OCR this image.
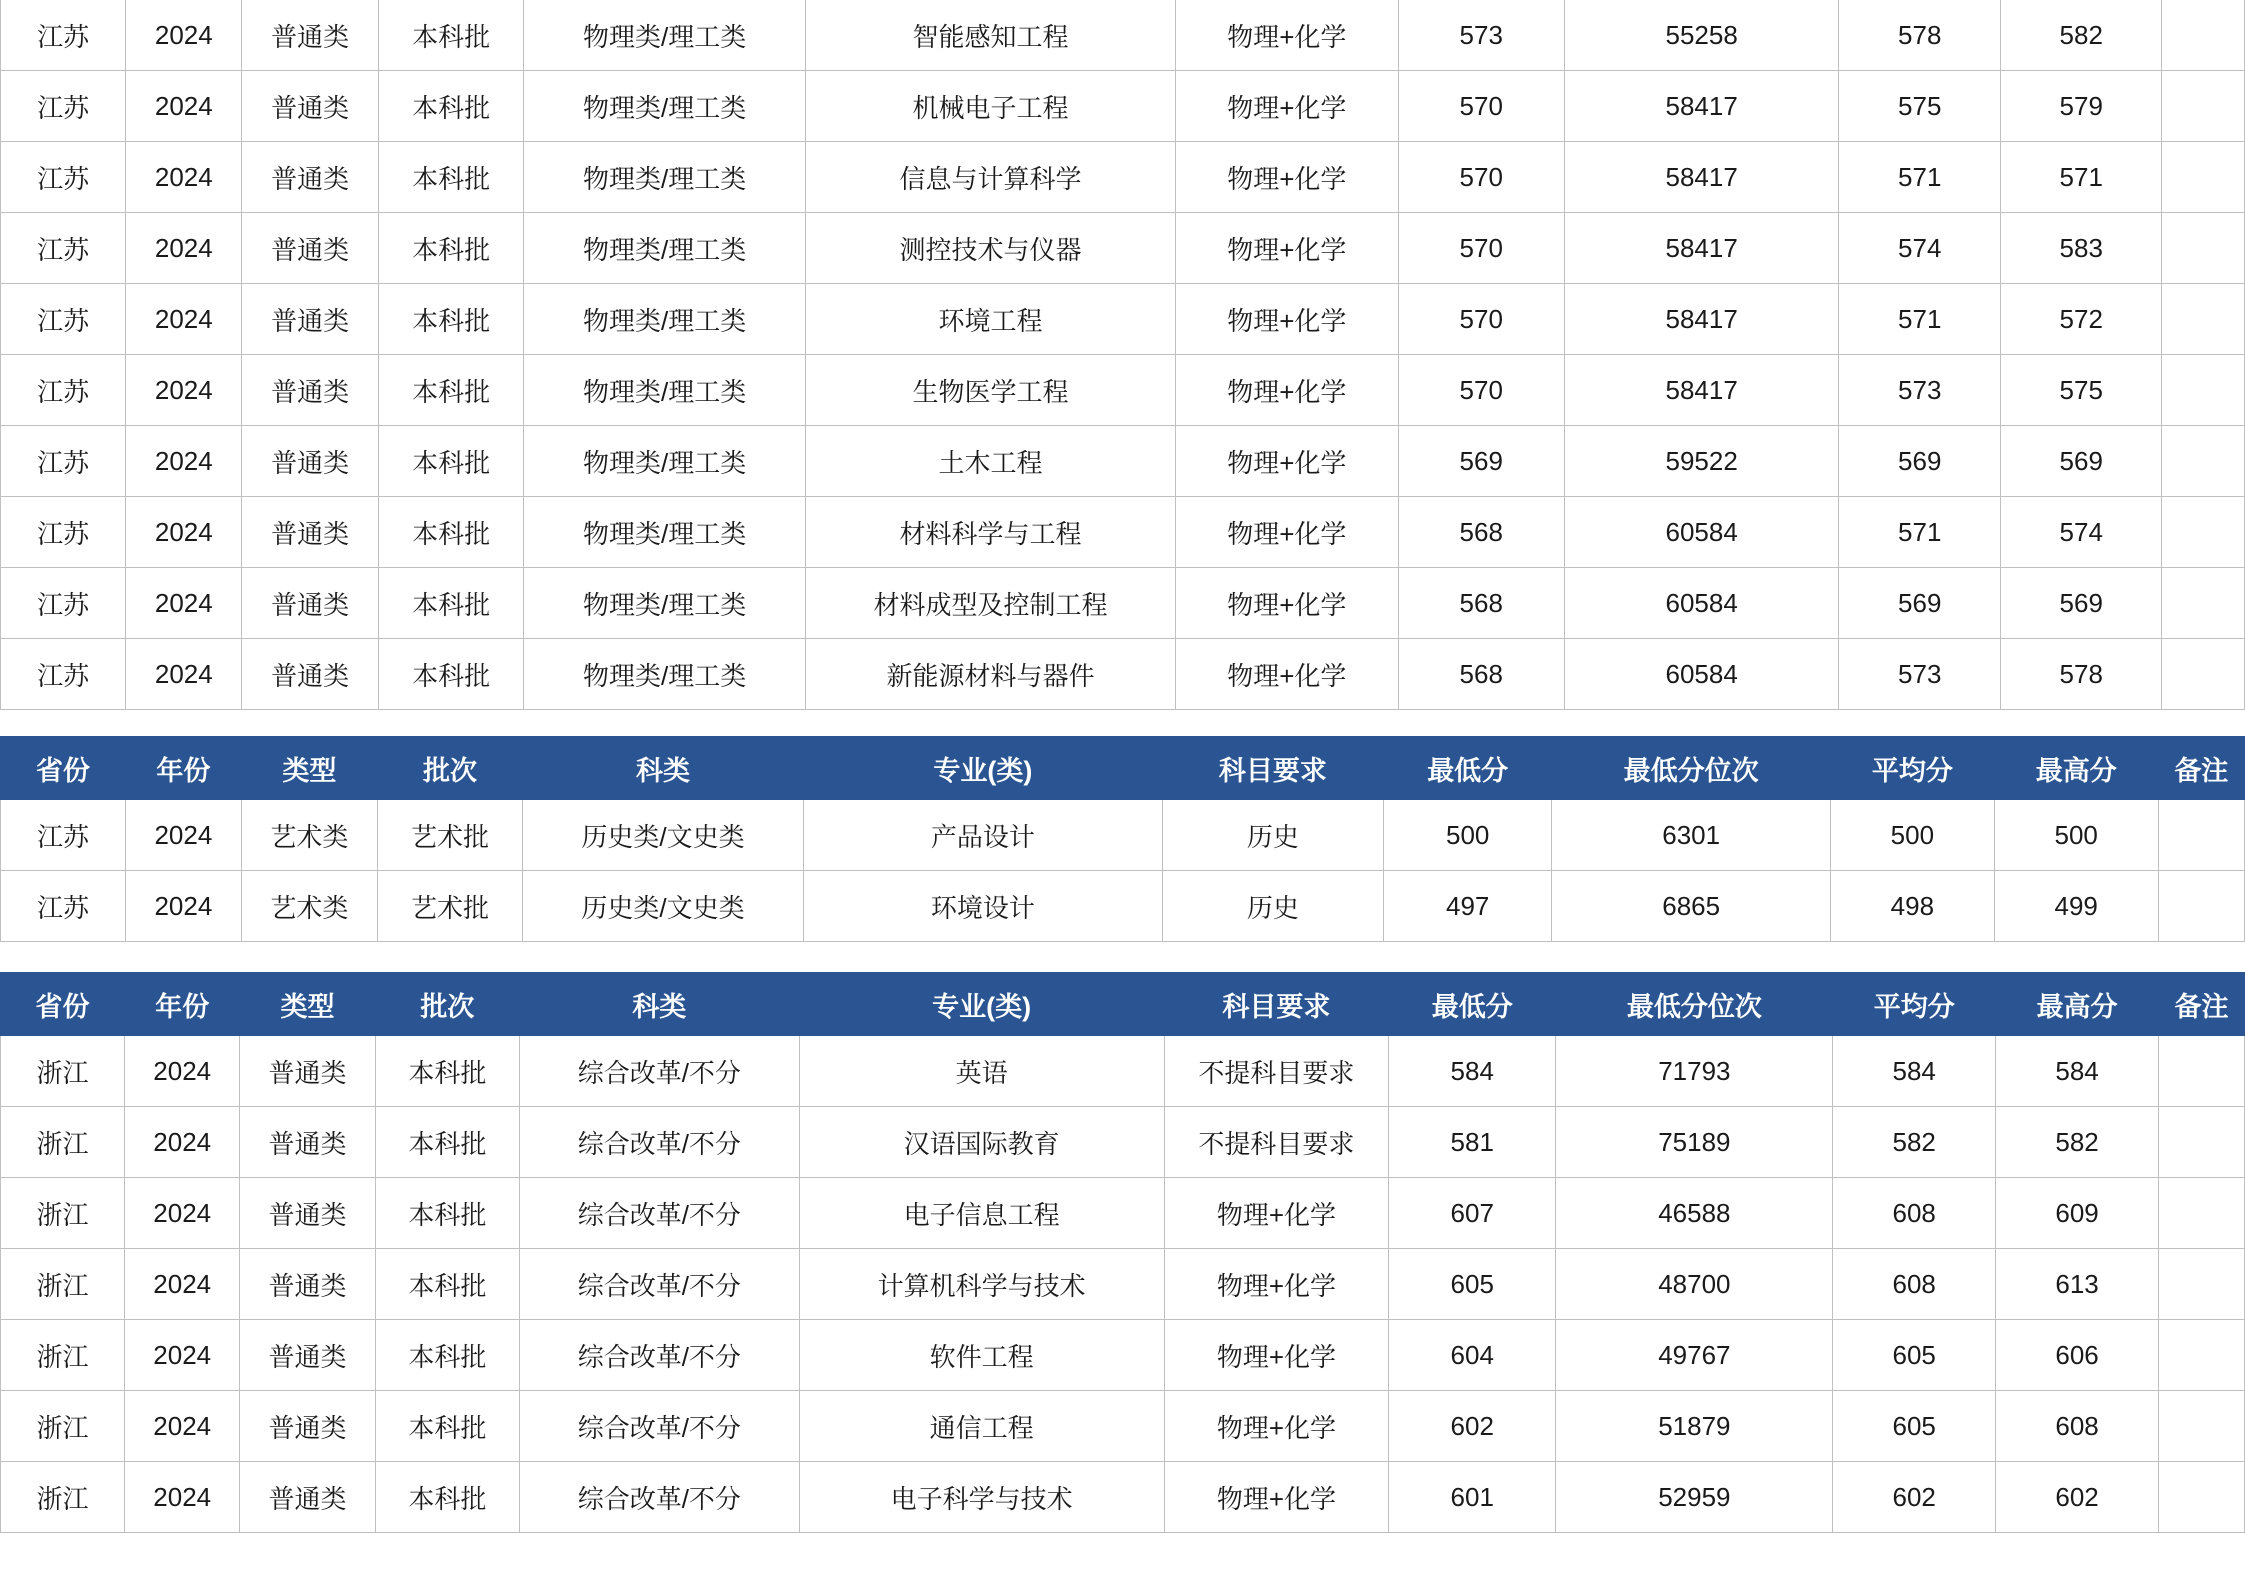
江苏	2024	普通类	本科批	物理类/理工类	智能感知工程	物理+化学	573	55258	578	582	
江苏	2024	普通类	本科批	物理类/理工类	机械电子工程	物理+化学	570	58417	575	579	
江苏	2024	普通类	本科批	物理类/理工类	信息与计算科学	物理+化学	570	58417	571	571	
江苏	2024	普通类	本科批	物理类/理工类	测控技术与仪器	物理+化学	570	58417	574	583	
江苏	2024	普通类	本科批	物理类/理工类	环境工程	物理+化学	570	58417	571	572	
江苏	2024	普通类	本科批	物理类/理工类	生物医学工程	物理+化学	570	58417	573	575	
江苏	2024	普通类	本科批	物理类/理工类	土木工程	物理+化学	569	59522	569	569	
江苏	2024	普通类	本科批	物理类/理工类	材料科学与工程	物理+化学	568	60584	571	574	
江苏	2024	普通类	本科批	物理类/理工类	材料成型及控制工程	物理+化学	568	60584	569	569	
江苏	2024	普通类	本科批	物理类/理工类	新能源材料与器件	物理+化学	568	60584	573	578	
省份	年份	类型	批次	科类	专业(类)	科目要求	最低分	最低分位次	平均分	最高分	备注
江苏	2024	艺术类	艺术批	历史类/文史类	产品设计	历史	500	6301	500	500	
江苏	2024	艺术类	艺术批	历史类/文史类	环境设计	历史	497	6865	498	499	
省份	年份	类型	批次	科类	专业(类)	科目要求	最低分	最低分位次	平均分	最高分	备注
浙江	2024	普通类	本科批	综合改革/不分	英语	不提科目要求	584	71793	584	584	
浙江	2024	普通类	本科批	综合改革/不分	汉语国际教育	不提科目要求	581	75189	582	582	
浙江	2024	普通类	本科批	综合改革/不分	电子信息工程	物理+化学	607	46588	608	609	
浙江	2024	普通类	本科批	综合改革/不分	计算机科学与技术	物理+化学	605	48700	608	613	
浙江	2024	普通类	本科批	综合改革/不分	软件工程	物理+化学	604	49767	605	606	
浙江	2024	普通类	本科批	综合改革/不分	通信工程	物理+化学	602	51879	605	608	
浙江	2024	普通类	本科批	综合改革/不分	电子科学与技术	物理+化学	601	52959	602	602	
